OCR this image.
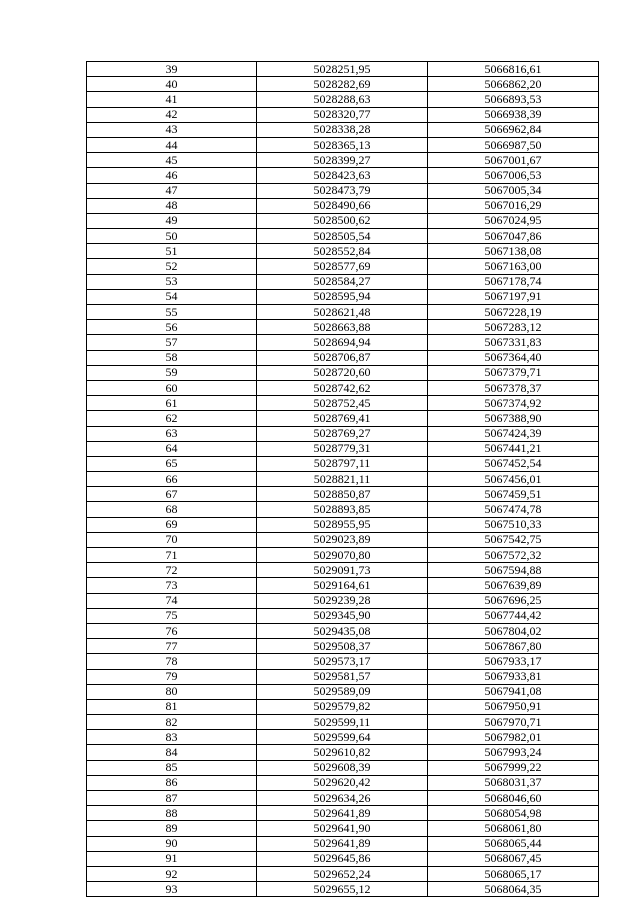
39	5028251,95	5066816,61
40	5028282,69	5066862,20
41	5028288,63	5066893,53
42	5028320,77	5066938,39
43	5028338,28	5066962,84
44	5028365,13	5066987,50
45	5028399,27	5067001,67
46	5028423,63	5067006,53
47	5028473,79	5067005,34
48	5028490,66	5067016,29
49	5028500,62	5067024,95
50	5028505,54	5067047,86
51	5028552,84	5067138,08
52	5028577,69	5067163,00
53	5028584,27	5067178,74
54	5028595,94	5067197,91
55	5028621,48	5067228,19
56	5028663,88	5067283,12
57	5028694,94	5067331,83
58	5028706,87	5067364,40
59	5028720,60	5067379,71
60	5028742,62	5067378,37
61	5028752,45	5067374,92
62	5028769,41	5067388,90
63	5028769,27	5067424,39
64	5028779,31	5067441,21
65	5028797,11	5067452,54
66	5028821,11	5067456,01
67	5028850,87	5067459,51
68	5028893,85	5067474,78
69	5028955,95	5067510,33
70	5029023,89	5067542,75
71	5029070,80	5067572,32
72	5029091,73	5067594,88
73	5029164,61	5067639,89
74	5029239,28	5067696,25
75	5029345,90	5067744,42
76	5029435,08	5067804,02
77	5029508,37	5067867,80
78	5029573,17	5067933,17
79	5029581,57	5067933,81
80	5029589,09	5067941,08
81	5029579,82	5067950,91
82	5029599,11	5067970,71
83	5029599,64	5067982,01
84	5029610,82	5067993,24
85	5029608,39	5067999,22
86	5029620,42	5068031,37
87	5029634,26	5068046,60
88	5029641,89	5068054,98
89	5029641,90	5068061,80
90	5029641,89	5068065,44
91	5029645,86	5068067,45
92	5029652,24	5068065,17
93	5029655,12	5068064,35
